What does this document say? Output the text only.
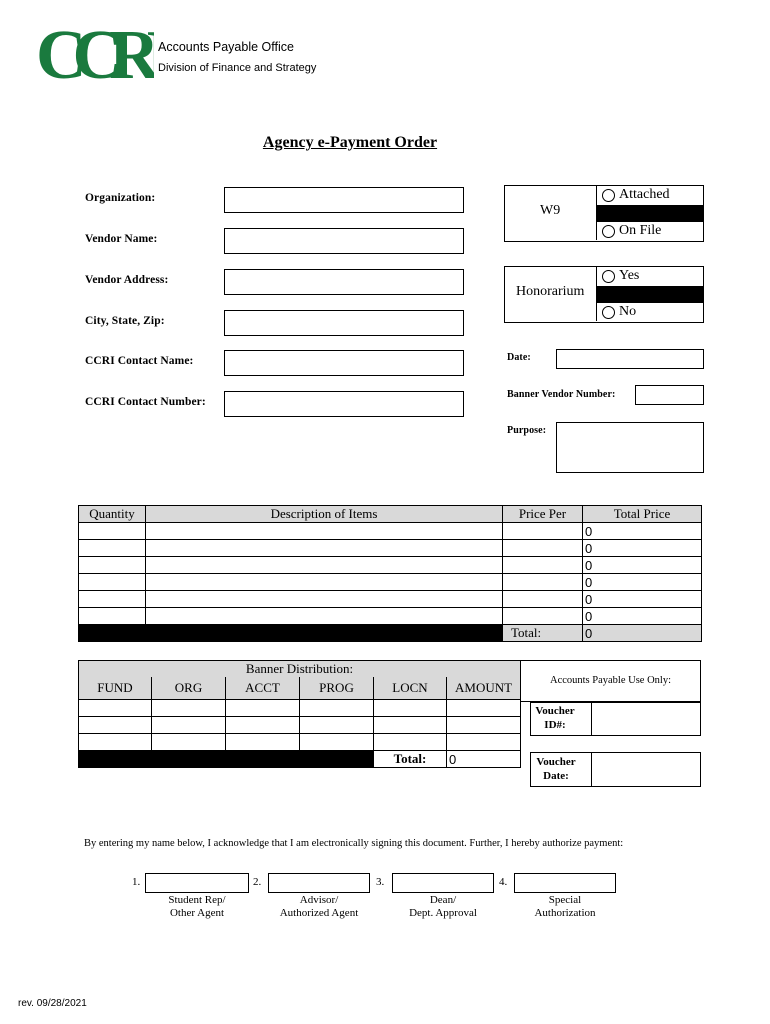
CCRI Accounts Payable Office
Division of Finance and Strategy
Agency e-Payment Order
Organization:
Vendor Name:
Vendor Address:
City, State, Zip:
CCRI Contact Name:
CCRI Contact Number:
W9
Attached
On File
Honorarium
Yes
No
Date:
Banner Vendor Number:
Purpose:
Quantity	Description of Items	Price Per	Total Price
			0
			0
			0
			0
			0
			0
		Total:	0
Banner Distribution:					
FUND	ORG	ACCT	PROG	LOCN	AMOUNT

				Total:	0
Accounts Payable Use Only:
Voucher ID#:
Voucher Date:
By entering my name below, I acknowledge that I am electronically signing this document. Further, I hereby authorize payment:
1.
Student Rep/
Other Agent
2.
Advisor/
Authorized Agent
3.
Dean/
Dept. Approval
4.
Special
Authorization
rev. 09/28/2021
